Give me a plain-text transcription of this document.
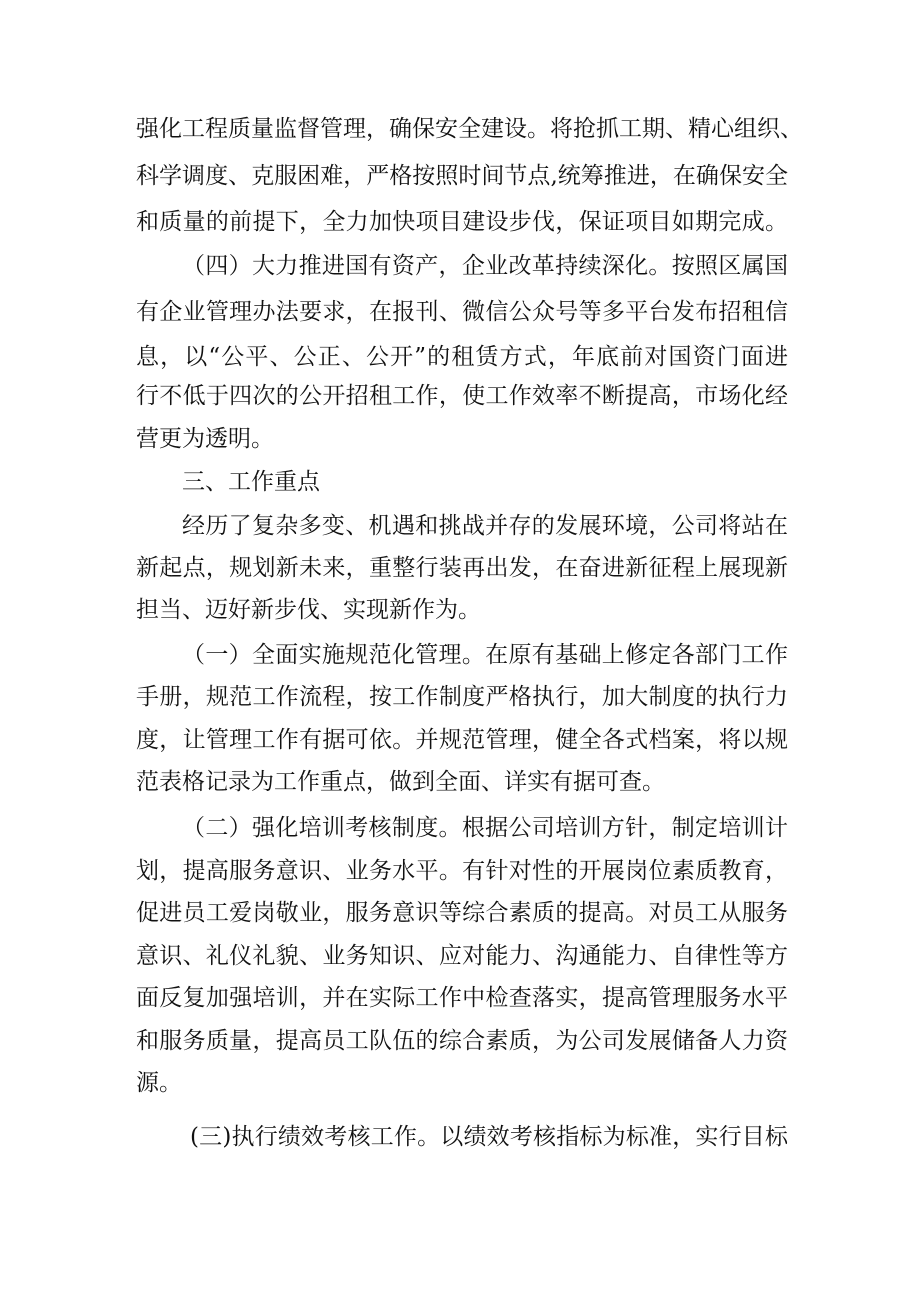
强化工程质量监督管理，确保安全建设。将抢抓工期、精心组织、

科学调度、克服困难，严格按照时间节点,统筹推进，在确保安全

和质量的前提下，全力加快项目建设步伐，保证项目如期完成。

（四）大力推进国有资产，企业改革持续深化。按照区属国

有企业管理办法要求，在报刊、微信公众号等多平台发布招租信

息，以“公平、公正、公开”的租赁方式，年底前对国资门面进

行不低于四次的公开招租工作，使工作效率不断提高，市场化经

营更为透明。

三、工作重点

经历了复杂多变、机遇和挑战并存的发展环境，公司将站在

新起点，规划新未来，重整行装再出发，在奋进新征程上展现新

担当、迈好新步伐、实现新作为。

（一）全面实施规范化管理。在原有基础上修定各部门工作

手册，规范工作流程，按工作制度严格执行，加大制度的执行力

度，让管理工作有据可依。并规范管理，健全各式档案，将以规

范表格记录为工作重点，做到全面、详实有据可查。

（二）强化培训考核制度。根据公司培训方针，制定培训计

划，提高服务意识、业务水平。有针对性的开展岗位素质教育，

促进员工爱岗敬业，服务意识等综合素质的提高。对员工从服务

意识、礼仪礼貌、业务知识、应对能力、沟通能力、自律性等方

面反复加强培训，并在实际工作中检查落实，提高管理服务水平

和服务质量，提高员工队伍的综合素质，为公司发展储备人力资

源。

(三)执行绩效考核工作。以绩效考核指标为标准，实行目标
